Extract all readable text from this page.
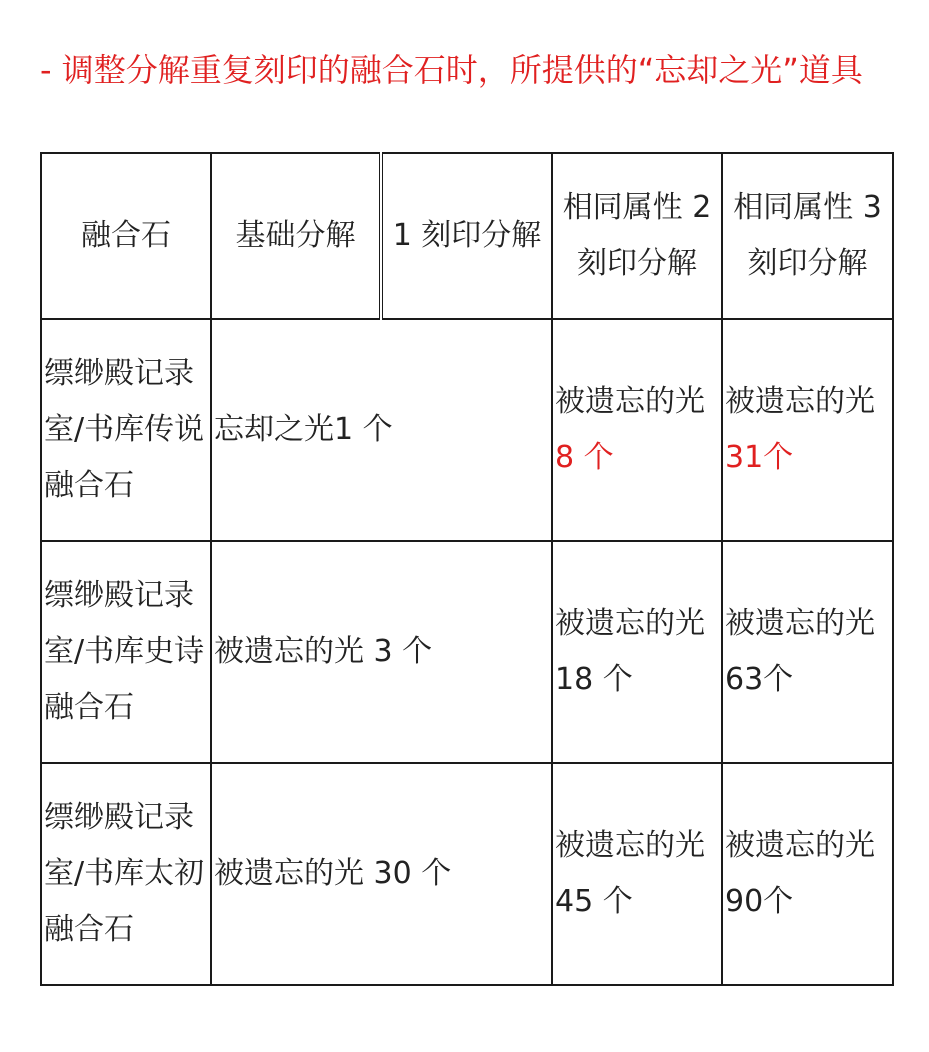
- 调整分解重复刻印的融合石时，所提供的“忘却之光”道具

融合石	基础分解	1 刻印分解	相同属性 2 刻印分解	相同属性 3 刻印分解
缥缈殿记录室/书库传说融合石	忘却之光1 个		被遗忘的光 8 个	被遗忘的光 31个
缥缈殿记录室/书库史诗融合石	被遗忘的光 3 个		被遗忘的光 18 个	被遗忘的光 63个
缥缈殿记录室/书库太初融合石	被遗忘的光 30 个		被遗忘的光 45 个	被遗忘的光 90个
